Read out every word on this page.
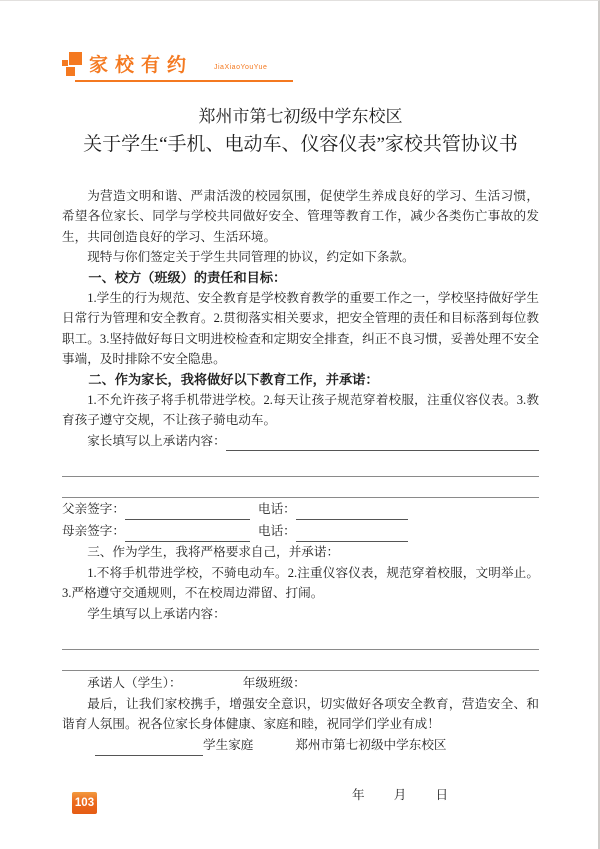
家校有约	JiaXiaoYouYue
郑州市第七初级中学东校区
关于学生“手机、电动车、仪容仪表”家校共管协议书

为营造文明和谐、严肃活泼的校园氛围，促使学生养成良好的学习、生活习惯，希望各位家长、同学与学校共同做好安全、管理等教育工作，减少各类伤亡事故的发生，共同创造良好的学习、生活环境。

现特与你们签定关于学生共同管理的协议，约定如下条款。

一、校方（班级）的责任和目标：

1.学生的行为规范、安全教育是学校教育教学的重要工作之一，学校坚持做好学生日常行为管理和安全教育。2.贯彻落实相关要求，把安全管理的责任和目标落到每位教职工。3.坚持做好每日文明进校检查和定期安全排查，纠正不良习惯，妥善处理不安全事端，及时排除不安全隐患。

二、作为家长，我将做好以下教育工作，并承诺：

1.不允许孩子将手机带进学校。2.每天让孩子规范穿着校服，注重仪容仪表。3.教育孩子遵守交规，不让孩子骑电动车。

家长填写以上承诺内容：
父亲签字：	电话：
母亲签字：	电话：

三、作为学生，我将严格要求自己，并承诺：

1.不将手机带进学校，不骑电动车。2.注重仪容仪表，规范穿着校服，文明举止。3.严格遵守交通规则，不在校周边滞留、打闹。

学生填写以上承诺内容：

承诺人（学生）：	年级班级：

最后，让我们家校携手，增强安全意识，切实做好各项安全教育，营造安全、和谐育人氛围。祝各位家长身体健康、家庭和睦，祝同学们学业有成！

学生家庭	郑州市第七初级中学东校区
年 月 日
103
